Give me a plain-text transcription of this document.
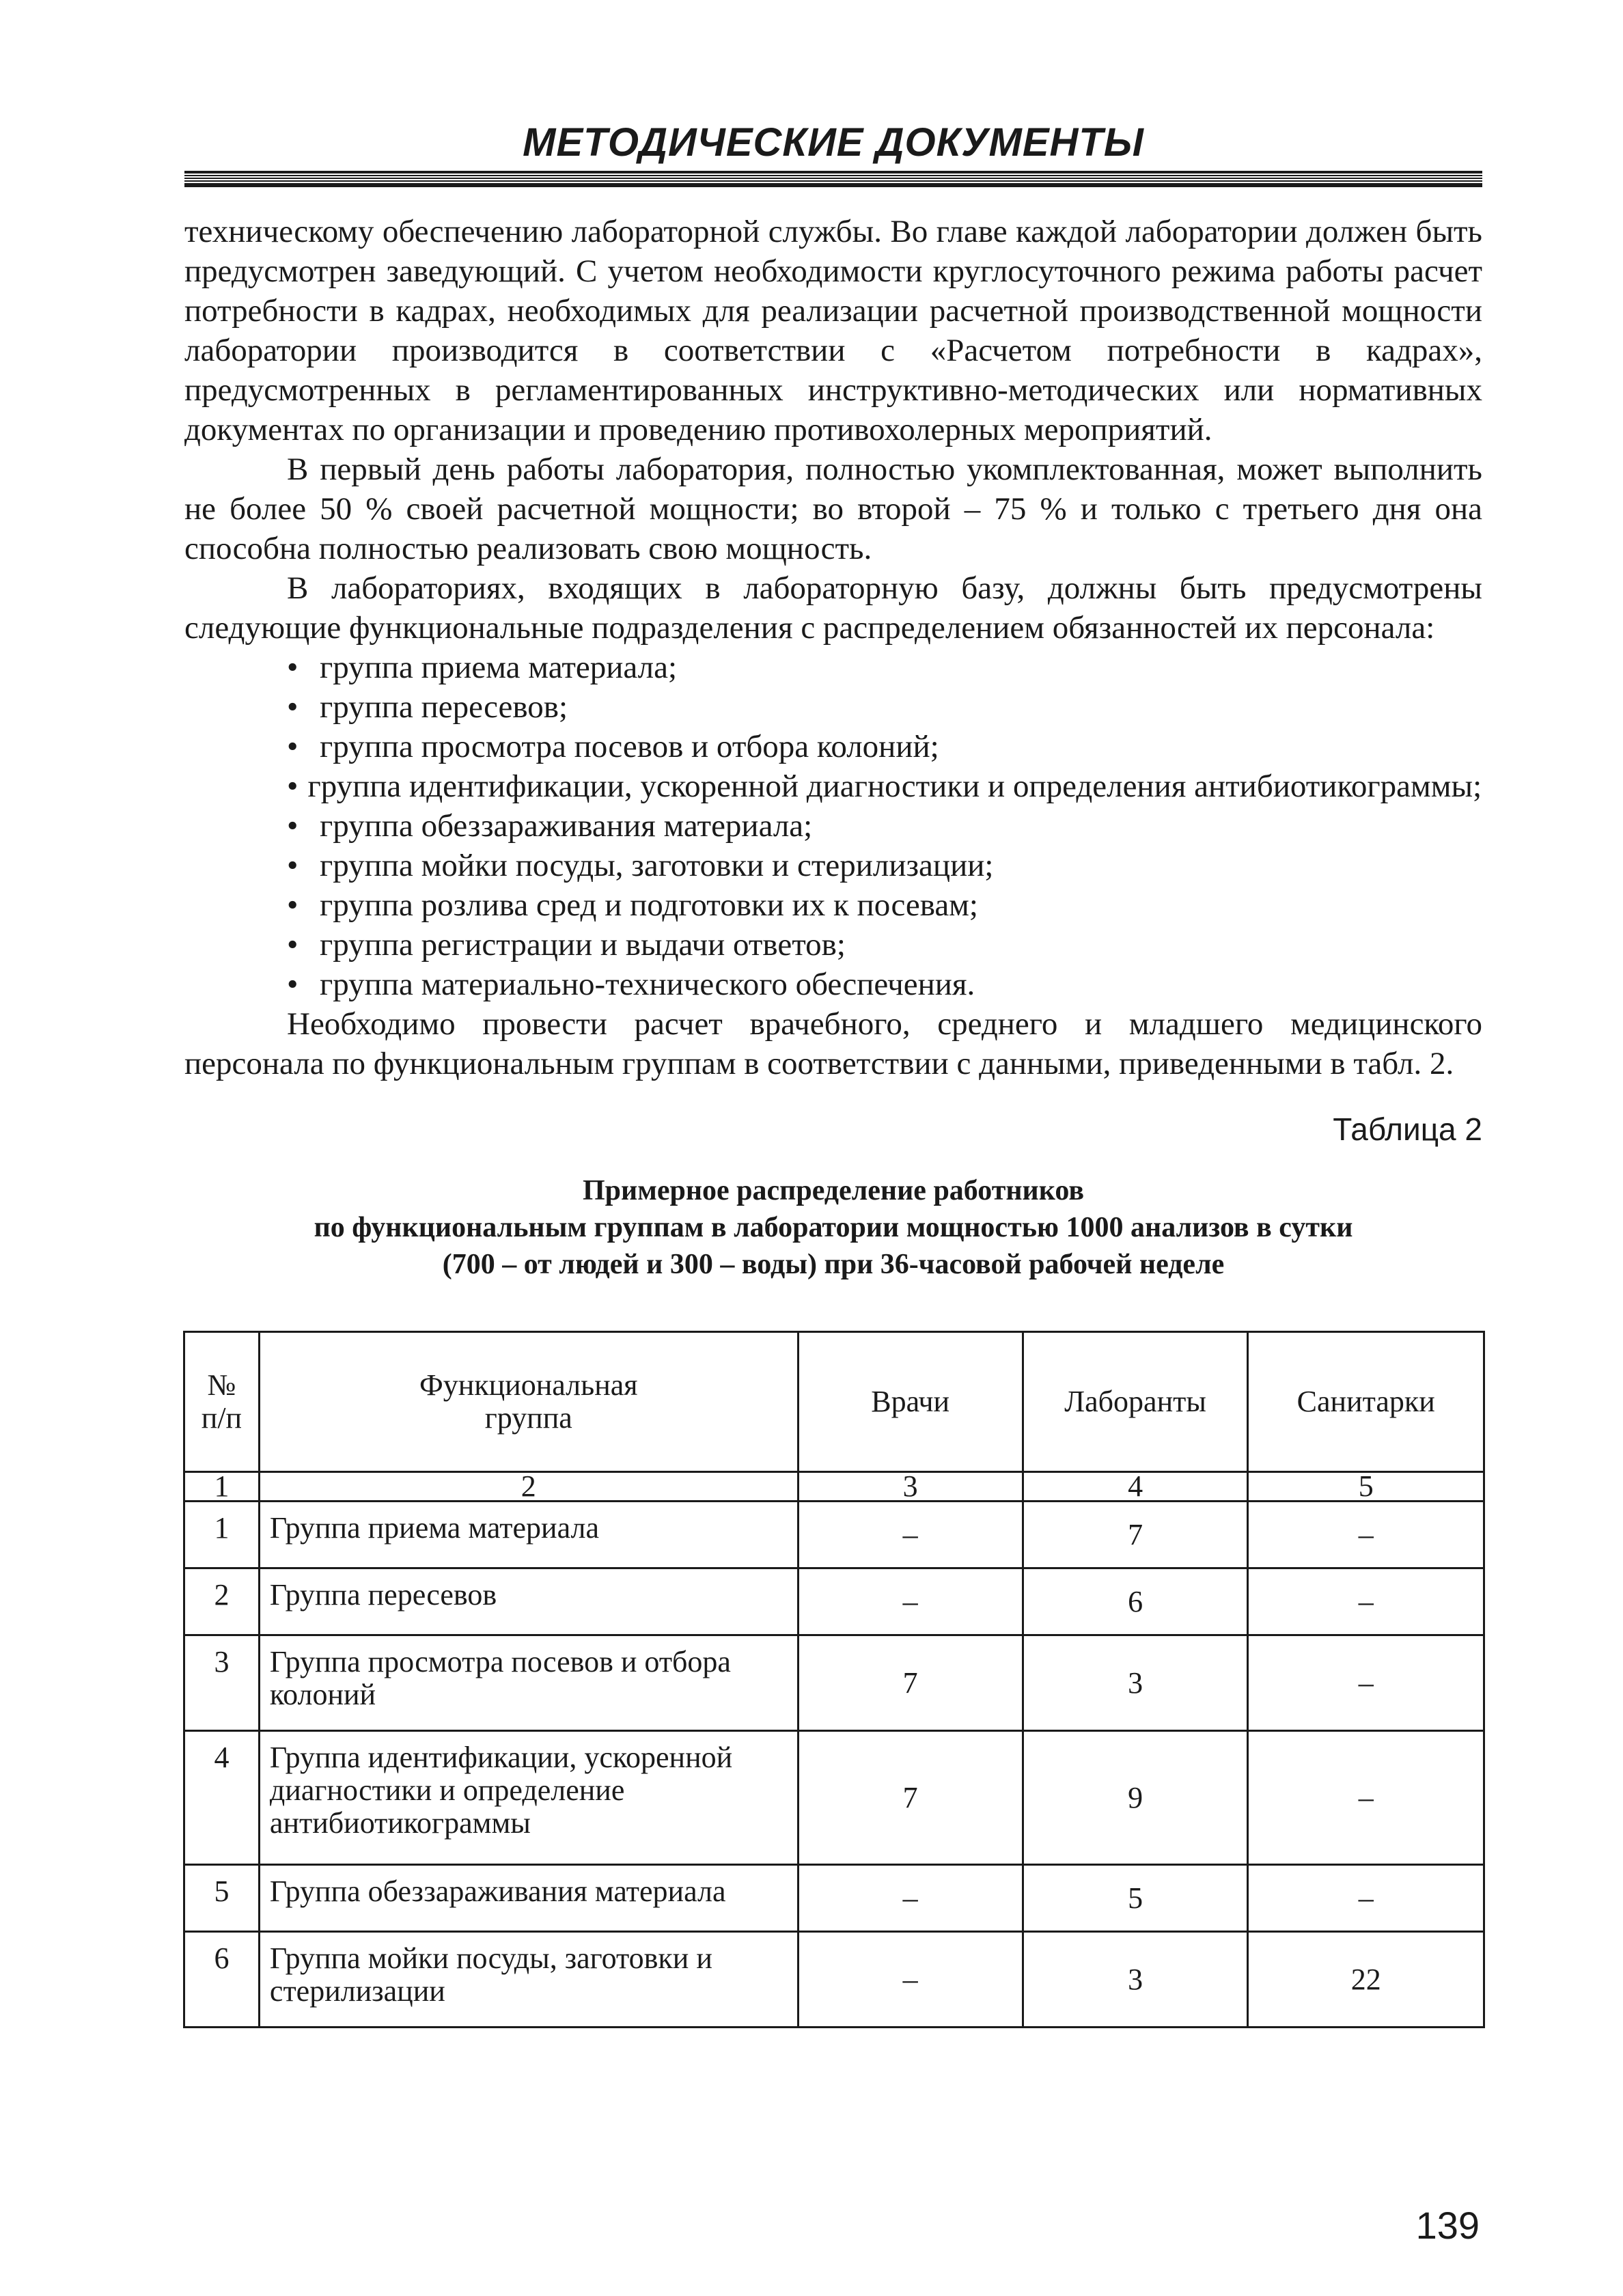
МЕТОДИЧЕСКИЕ ДОКУМЕНТЫ

техническому обеспечению лабораторной службы. Во главе каждой лаборатории должен быть предусмотрен заведующий. С учетом необходимости круглосуточного режима работы расчет потребности в кадрах, необходимых для реализации расчетной производственной мощности лаборатории производится в соответствии с «Расчетом потребности в кадрах», предусмотренных в регламентированных инструктивно-методических или нормативных документах по организации и проведению противохолерных мероприятий.

В первый день работы лаборатория, полностью укомплектованная, может выполнить не более 50 % своей расчетной мощности; во второй – 75 % и только с третьего дня она способна полностью реализовать свою мощность.

В лабораториях, входящих в лабораторную базу, должны быть предусмотрены следующие функциональные подразделения с распределением обязанностей их персонала:

• группа приема материала;
• группа пересевов;
• группа просмотра посевов и отбора колоний;
• группа идентификации, ускоренной диагностики и определения антибиотикограммы;
• группа обеззараживания материала;
• группа мойки посуды, заготовки и стерилизации;
• группа розлива сред и подготовки их к посевам;
• группа регистрации и выдачи ответов;
• группа материально-технического обеспечения.

Необходимо провести расчет врачебного, среднего и младшего медицинского персонала по функциональным группам в соответствии с данными, приведенными в табл. 2.

Таблица 2
Примерное распределение работников
по функциональным группам в лаборатории мощностью 1000 анализов в сутки
(700 – от людей и 300 – воды) при 36-часовой рабочей неделе
№ п/п	Функциональная группа	Врачи	Лаборанты	Санитарки
1	2	3	4	5
1	Группа приема материала	–	7	–
2	Группа пересевов	–	6	–
3	Группа просмотра посевов и отбора колоний	7	3	–
4	Группа идентификации, ускоренной диагностики и определение антибиотикограммы	7	9	–
5	Группа обеззараживания материала	–	5	–
6	Группа мойки посуды, заготовки и стерилизации	–	3	22
139
